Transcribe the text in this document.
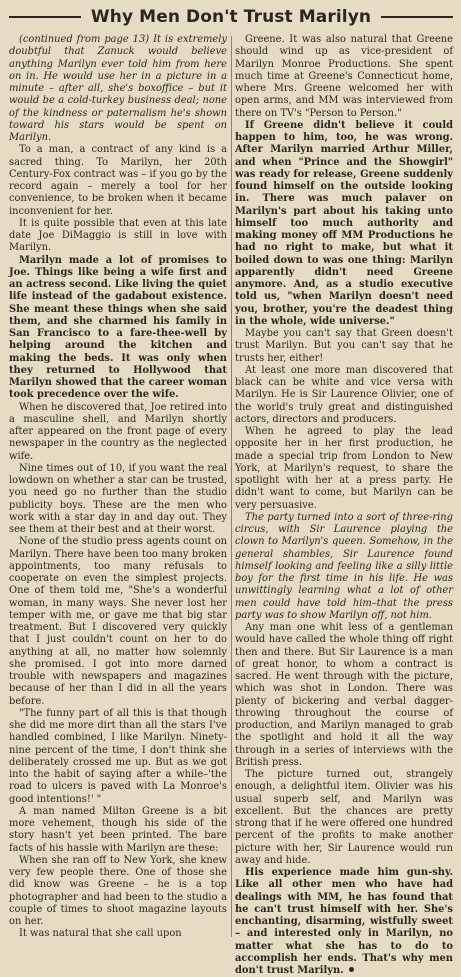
Why Men Don't Trust Marilyn

(continued from page 13) It is extremely doubtful that Zanuck would believe anything Marilyn ever told him from here on in. He would use her in a picture in a minute – after all, she's boxoffice – but it would be a cold-turkey business deal; none of the kindness or paternalism he's shown toward his stars would be spent on Marilyn.

To a man, a contract of any kind is a sacred thing. To Marilyn, her 20th Century-Fox contract was – if you go by the record again – merely a tool for her convenience, to be broken when it became inconvenient for her.

It is quite possible that even at this late date Joe DiMaggio is still in love with Marilyn.

Marilyn made a lot of promises to Joe. Things like being a wife first and an actress second. Like living the quiet life instead of the gadabout existence. She meant these things when she said them, and she charmed his family in San Francisco to a fare-thee-well by helping around the kitchen and making the beds. It was only when they returned to Hollywood that Marilyn showed that the career woman took precedence over the wife.

When he discovered that, Joe retired into a masculine shell, and Marilyn shortly after appeared on the front page of every newspaper in the country as the neglected wife.

Nine times out of 10, if you want the real lowdown on whether a star can be trusted, you need go no further than the studio publicity boys. These are the men who work with a star day in and day out. They see them at their best and at their worst.

None of the studio press agents count on Marilyn. There have been too many broken appointments, too many refusals to cooperate on even the simplest projects. One of them told me, "She's a wonderful woman, in many ways. She never lost her temper with me, or gave me that big star treatment. But I discovered very quickly that I just couldn't count on her to do anything at all, no matter how solemnly she promised. I got into more darned trouble with newspapers and magazines because of her than I did in all the years before.

"The funny part of all this is that though she did me more dirt than all the stars I've handled combined, I like Marilyn. Ninety-nine percent of the time, I don't think she deliberately crossed me up. But as we got into the habit of saying after a while–'the road to ulcers is paved with La Monroe's good intentions!' "

A man named Milton Greene is a bit more vehement, though his side of the story hasn't yet been printed. The bare facts of his hassle with Marilyn are these:

When she ran off to New York, she knew very few people there. One of those she did know was Greene – he is a top photographer and had been to the studio a couple of times to shoot magazine layouts on her.

It was natural that she call upon

Greene. It was also natural that Greene should wind up as vice-president of Marilyn Monroe Productions. She spent much time at Greene's Connecticut home, where Mrs. Greene welcomed her with open arms, and MM was interviewed from there on TV's "Person to Person."

If Greene didn't believe it could happen to him, too, he was wrong. After Marilyn married Arthur Miller, and when "Prince and the Showgirl" was ready for release, Greene suddenly found himself on the outside looking in. There was much palaver on Marilyn's part about his taking unto himself too much authority and making money off MM Productions he had no right to make, but what it boiled down to was one thing: Marilyn apparently didn't need Greene anymore. And, as a studio executive told us, "when Marilyn doesn't need you, brother, you're the deadest thing in the whole, wide universe."

Maybe you can't say that Green doesn't trust Marilyn. But you can't say that he trusts her, either!

At least one more man discovered that black can be white and vice versa with Marilyn. He is Sir Laurence Olivier, one of the world's truly great and distinguished actors, directors and producers.

When he agreed to play the lead opposite her in her first production, he made a special trip from London to New York, at Marilyn's request, to share the spotlight with her at a press party. He didn't want to come, but Marilyn can be very persuasive.

The party turned into a sort of three-ring circus, with Sir Laurence playing the clown to Marilyn's queen. Somehow, in the general shambles, Sir Laurence found himself looking and feeling like a silly little boy for the first time in his life. He was unwittingly learning what a lot of other men could have told him–that the press party was to show Marilyn off, not him.

Any man one whit less of a gentleman would have called the whole thing off right then and there. But Sir Laurence is a man of great honor, to whom a contract is sacred. He went through with the picture, which was shot in London. There was plenty of bickering and verbal dagger-throwing throughout the course of production, and Marilyn managed to grab the spotlight and hold it all the way through in a series of interviews with the British press.

The picture turned out, strangely enough, a delightful item. Olivier was his usual superb self, and Marilyn was excellent. But the chances are pretty strong that if he were offered one hundred percent of the profits to make another picture with her, Sir Laurence would run away and hide.

His experience made him gun-shy. Like all other men who have had dealings with MM, he has found that he can't trust himself with her. She's enchanting, disarming, wistfully sweet – and interested only in Marilyn, no matter what she has to do to accomplish her ends. That's why men don't trust Marilyn.
